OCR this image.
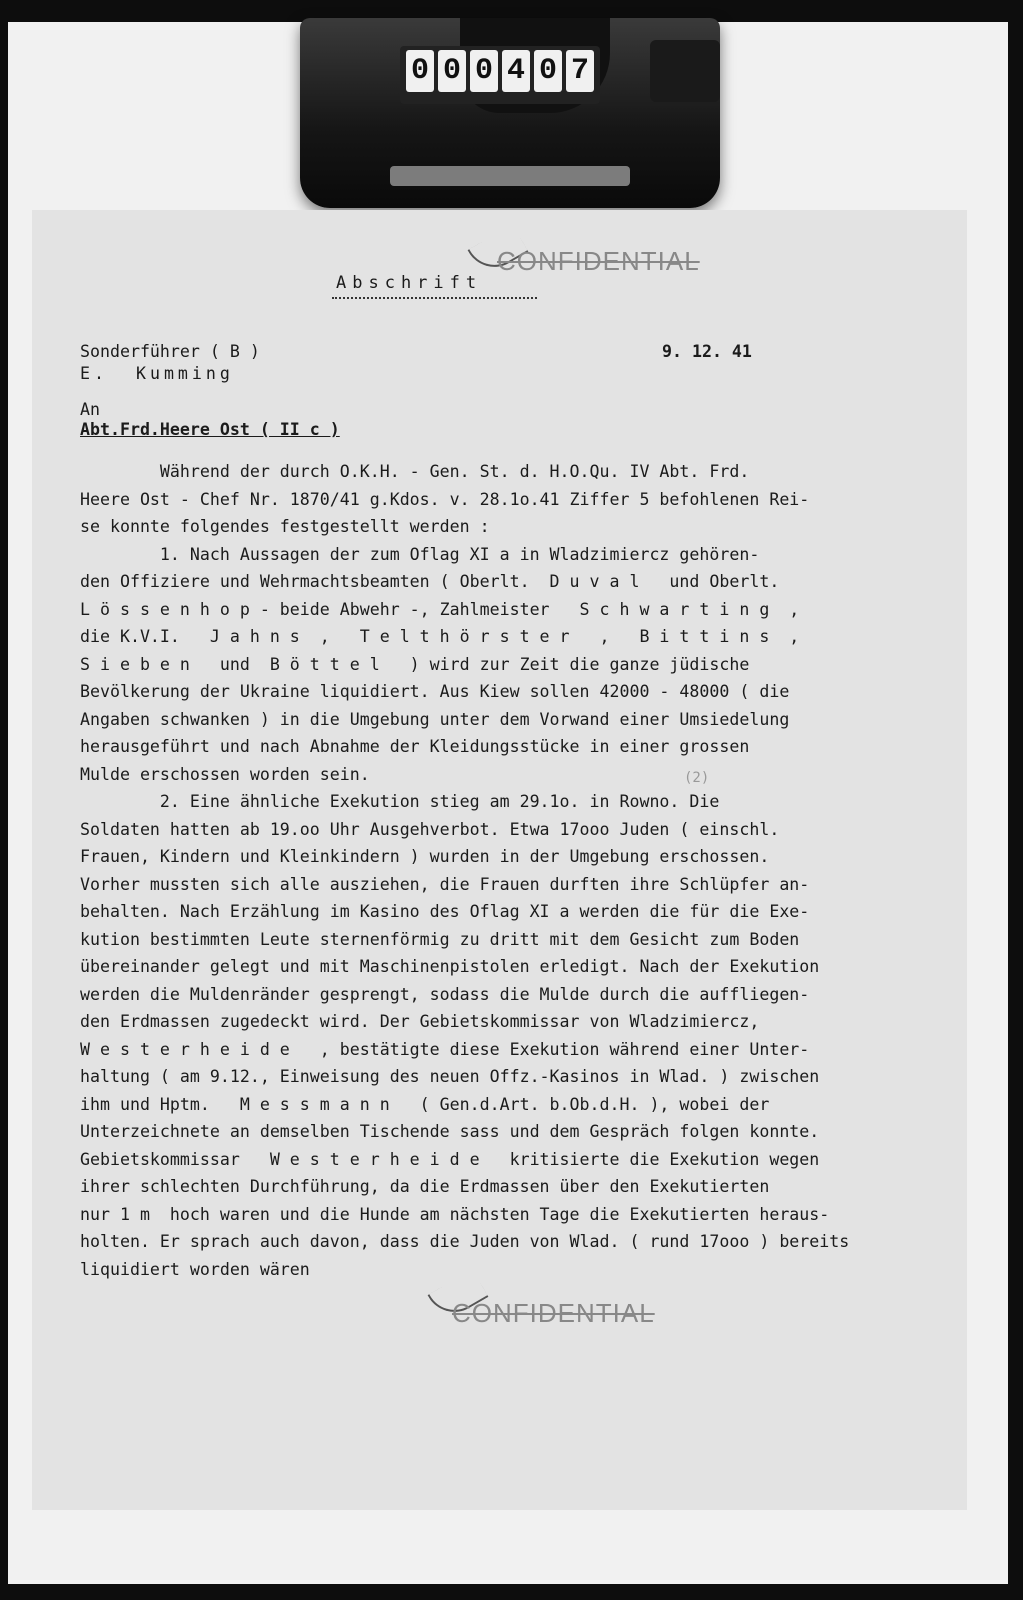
0 0 0 4 0 7
CONFIDENTIAL
Abschrift
Sonderführer ( B )
E.  Kumming
9. 12. 41
An
Abt.Frd.Heere Ost ( II c )
(2)
Während der durch O.K.H. - Gen. St. d. H.O.Qu. IV Abt. Frd.
Heere Ost - Chef Nr. 1870/41 g.Kdos. v. 28.1o.41 Ziffer 5 befohlenen Rei-
se konnte folgendes festgestellt werden :
1. Nach Aussagen der zum Oflag XI a in Wladzimiercz gehören-
den Offiziere und Wehrmachtsbeamten ( Oberlt.  D u v a l   und Oberlt.
L ö s s e n h o p - beide Abwehr -, Zahlmeister   S c h w a r t i n g  ,
die K.V.I.   J a h n s  ,   T e l t h ö r s t e r   ,   B i t t i n s  ,
S i e b e n   und  B ö t t e l   ) wird zur Zeit die ganze jüdische
Bevölkerung der Ukraine liquidiert. Aus Kiew sollen 42000 - 48000 ( die
Angaben schwanken ) in die Umgebung unter dem Vorwand einer Umsiedelung
herausgeführt und nach Abnahme der Kleidungsstücke in einer grossen
Mulde erschossen worden sein.
2. Eine ähnliche Exekution stieg am 29.1o. in Rowno. Die
Soldaten hatten ab 19.oo Uhr Ausgehverbot. Etwa 17ooo Juden ( einschl.
Frauen, Kindern und Kleinkindern ) wurden in der Umgebung erschossen.
Vorher mussten sich alle ausziehen, die Frauen durften ihre Schlüpfer an-
behalten. Nach Erzählung im Kasino des Oflag XI a werden die für die Exe-
kution bestimmten Leute sternenförmig zu dritt mit dem Gesicht zum Boden
übereinander gelegt und mit Maschinenpistolen erledigt. Nach der Exekution
werden die Muldenränder gesprengt, sodass die Mulde durch die auffliegen-
den Erdmassen zugedeckt wird. Der Gebietskommissar von Wladzimiercz,
W e s t e r h e i d e   , bestätigte diese Exekution während einer Unter-
haltung ( am 9.12., Einweisung des neuen Offz.-Kasinos in Wlad. ) zwischen
ihm und Hptm.   M e s s m a n n   ( Gen.d.Art. b.Ob.d.H. ), wobei der
Unterzeichnete an demselben Tischende sass und dem Gespräch folgen konnte.
Gebietskommissar   W e s t e r h e i d e   kritisierte die Exekution wegen
ihrer schlechten Durchführung, da die Erdmassen über den Exekutierten
nur 1 m  hoch waren und die Hunde am nächsten Tage die Exekutierten heraus-
holten. Er sprach auch davon, dass die Juden von Wlad. ( rund 17ooo ) bereits
liquidiert worden wären
CONFIDENTIAL
